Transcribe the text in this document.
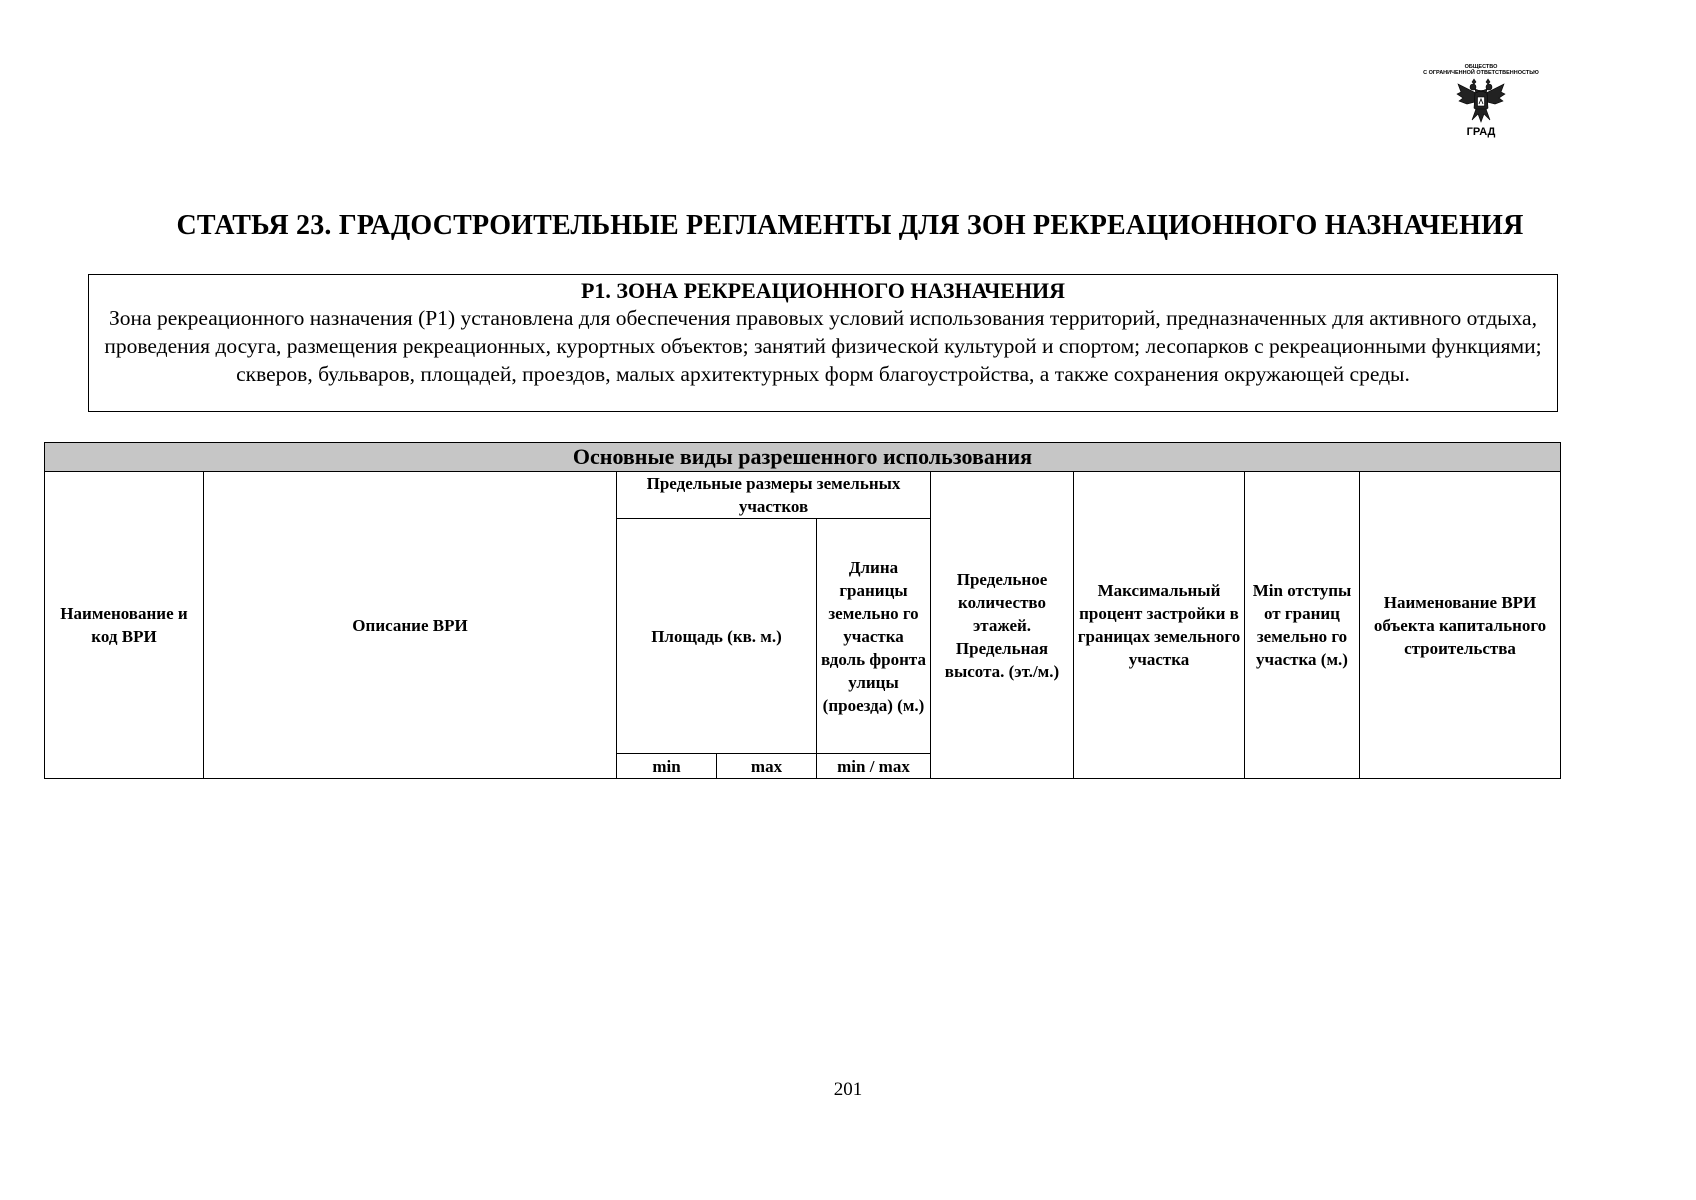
ОБЩЕСТВО
С ОГРАНИЧЕННОЙ ОТВЕТСТВЕННОСТЬЮ
ГРАД
СТАТЬЯ 23. ГРАДОСТРОИТЕЛЬНЫЕ РЕГЛАМЕНТЫ ДЛЯ ЗОН РЕКРЕАЦИОННОГО НАЗНАЧЕНИЯ
Р1. ЗОНА РЕКРЕАЦИОННОГО НАЗНАЧЕНИЯ
Зона рекреационного назначения (Р1) установлена для обеспечения правовых условий использования территорий, предназначенных для активного отдыха, проведения досуга, размещения рекреационных, курортных объектов; занятий физической культурой и спортом; лесопарков с рекреационными функциями; скверов, бульваров, площадей, проездов, малых архитектурных форм благоустройства, а также сохранения окружающей среды.
Основные виды разрешенного использования								
Наименование и код ВРИ	Описание ВРИ	Предельные размеры земельных участков			Предельное количество этажей. Предельная высота. (эт./м.)	Максимальный процент застройки в границах земельного участка	Min отступы от границ земельно го участка (м.)	Наименование ВРИ объекта капитального строительства
		Площадь (кв. м.)		Длина границы земельно го участка вдоль фронта улицы (проезда) (м.)				
		min	max	min / max				
201
